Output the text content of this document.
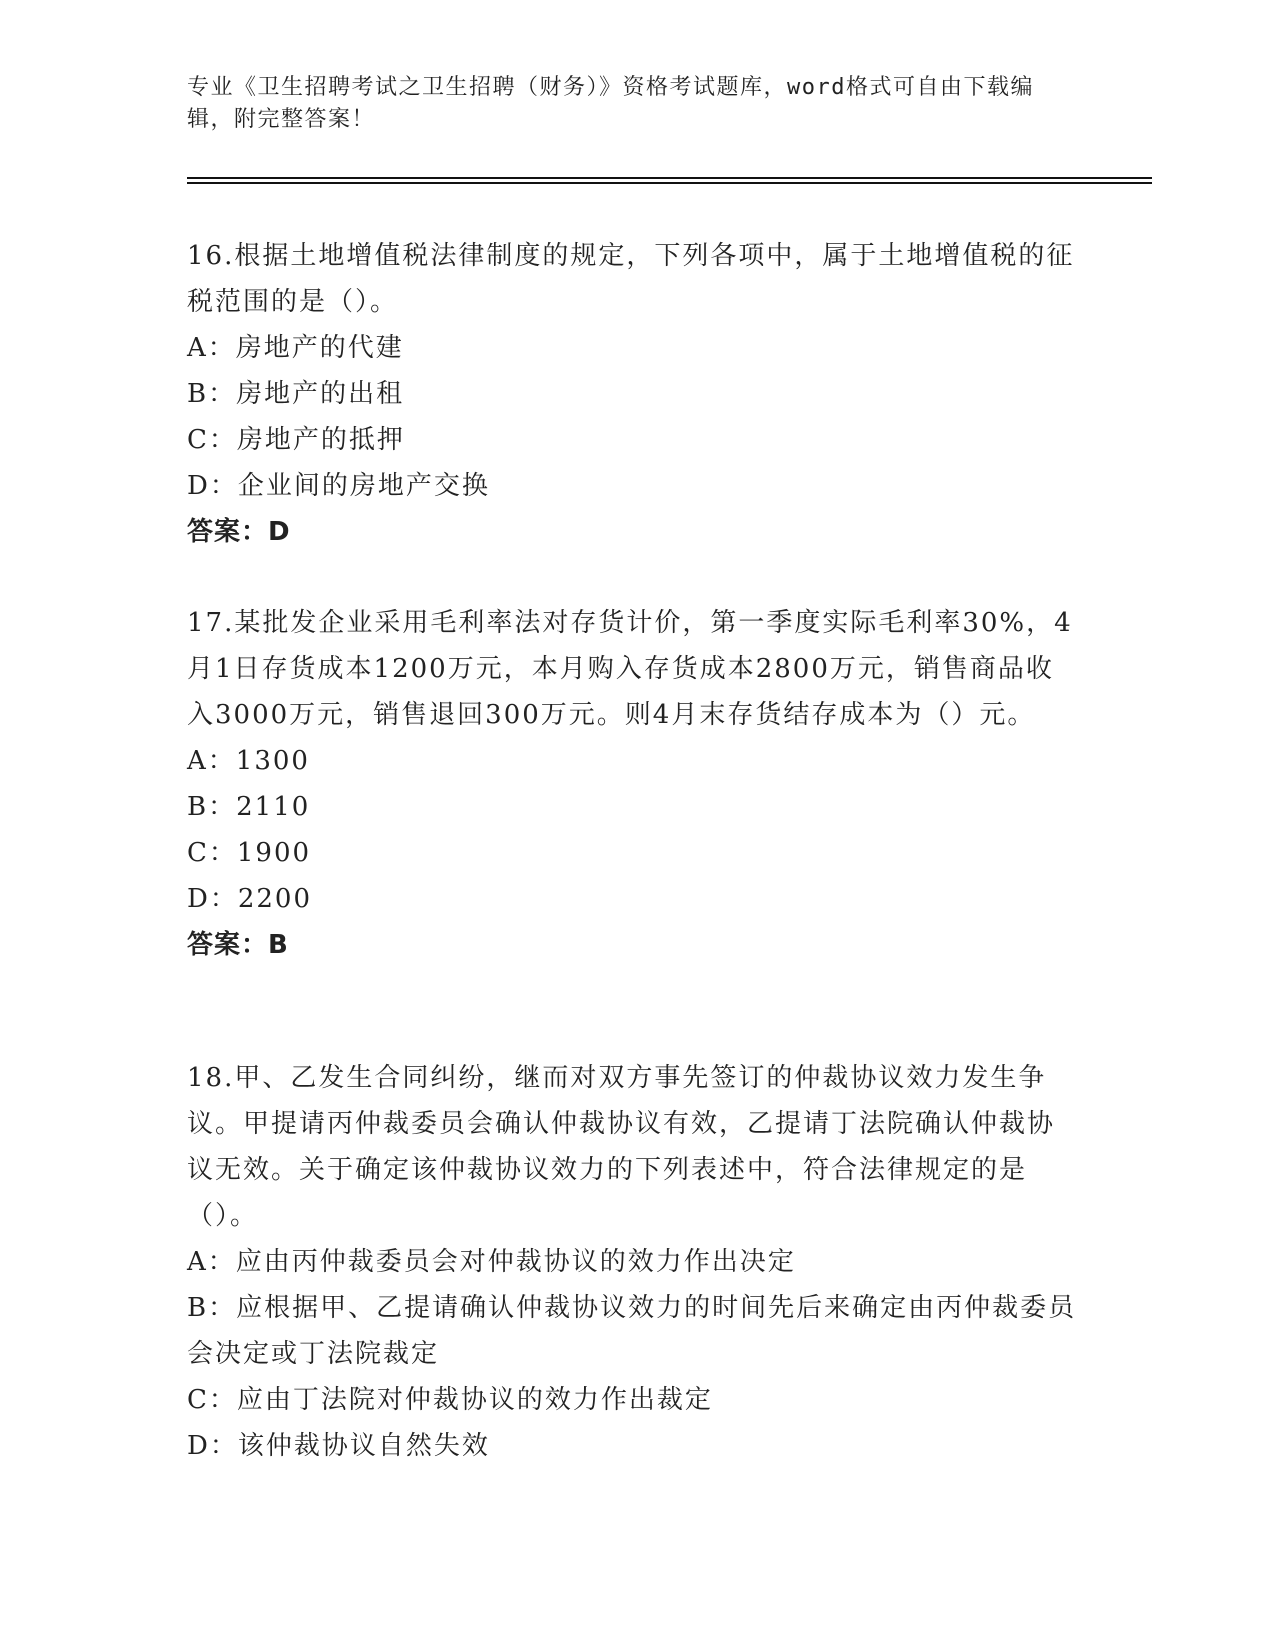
专业《卫生招聘考试之卫生招聘（财务）》资格考试题库，word格式可自由下载编辑，附完整答案！
16.根据土地增值税法律制度的规定，下列各项中，属于土地增值税的征税范围的是（）。
A：房地产的代建
B：房地产的出租
C：房地产的抵押
D：企业间的房地产交换
答案：D
17.某批发企业采用毛利率法对存货计价，第一季度实际毛利率30%，4月1日存货成本1200万元，本月购入存货成本2800万元，销售商品收入3000万元，销售退回300万元。则4月末存货结存成本为（）元。
A：1300
B：2110
C：1900
D：2200
答案：B
18.甲、乙发生合同纠纷，继而对双方事先签订的仲裁协议效力发生争议。甲提请丙仲裁委员会确认仲裁协议有效，乙提请丁法院确认仲裁协议无效。关于确定该仲裁协议效力的下列表述中，符合法律规定的是（）。
A：应由丙仲裁委员会对仲裁协议的效力作出决定
B：应根据甲、乙提请确认仲裁协议效力的时间先后来确定由丙仲裁委员会决定或丁法院裁定
C：应由丁法院对仲裁协议的效力作出裁定
D：该仲裁协议自然失效
